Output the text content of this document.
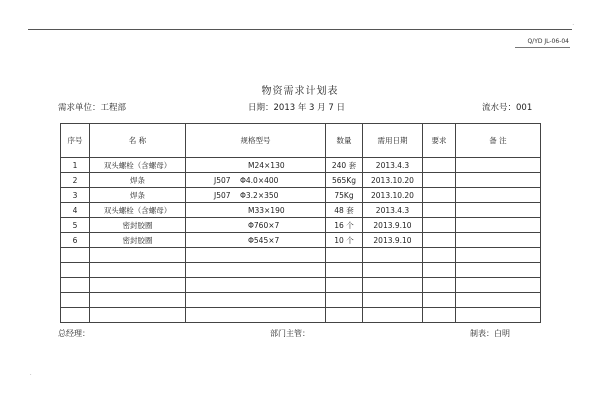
·
Q/YD JL-06-04
物资需求计划表
需求单位：工程部	日期：2013 年 3 月 7 日	流水号：001
序号	名 称	规格型号	数量	需用日期	要求	备 注
1	双头螺栓（含螺母）	M24×130	240 套	2013.4.3		
2	焊条	J507 Φ4.0×400	565Kg	2013.10.20		
3	焊条	J507 Φ3.2×350	75Kg	2013.10.20		
4	双头螺栓（含螺母）	M33×190	48 套	2013.4.3		
5	密封胶圈	Φ760×7	16 个	2013.9.10		
6	密封胶圈	Φ545×7	10 个	2013.9.10		

总经理：	部门主管：	制表：白明
·
